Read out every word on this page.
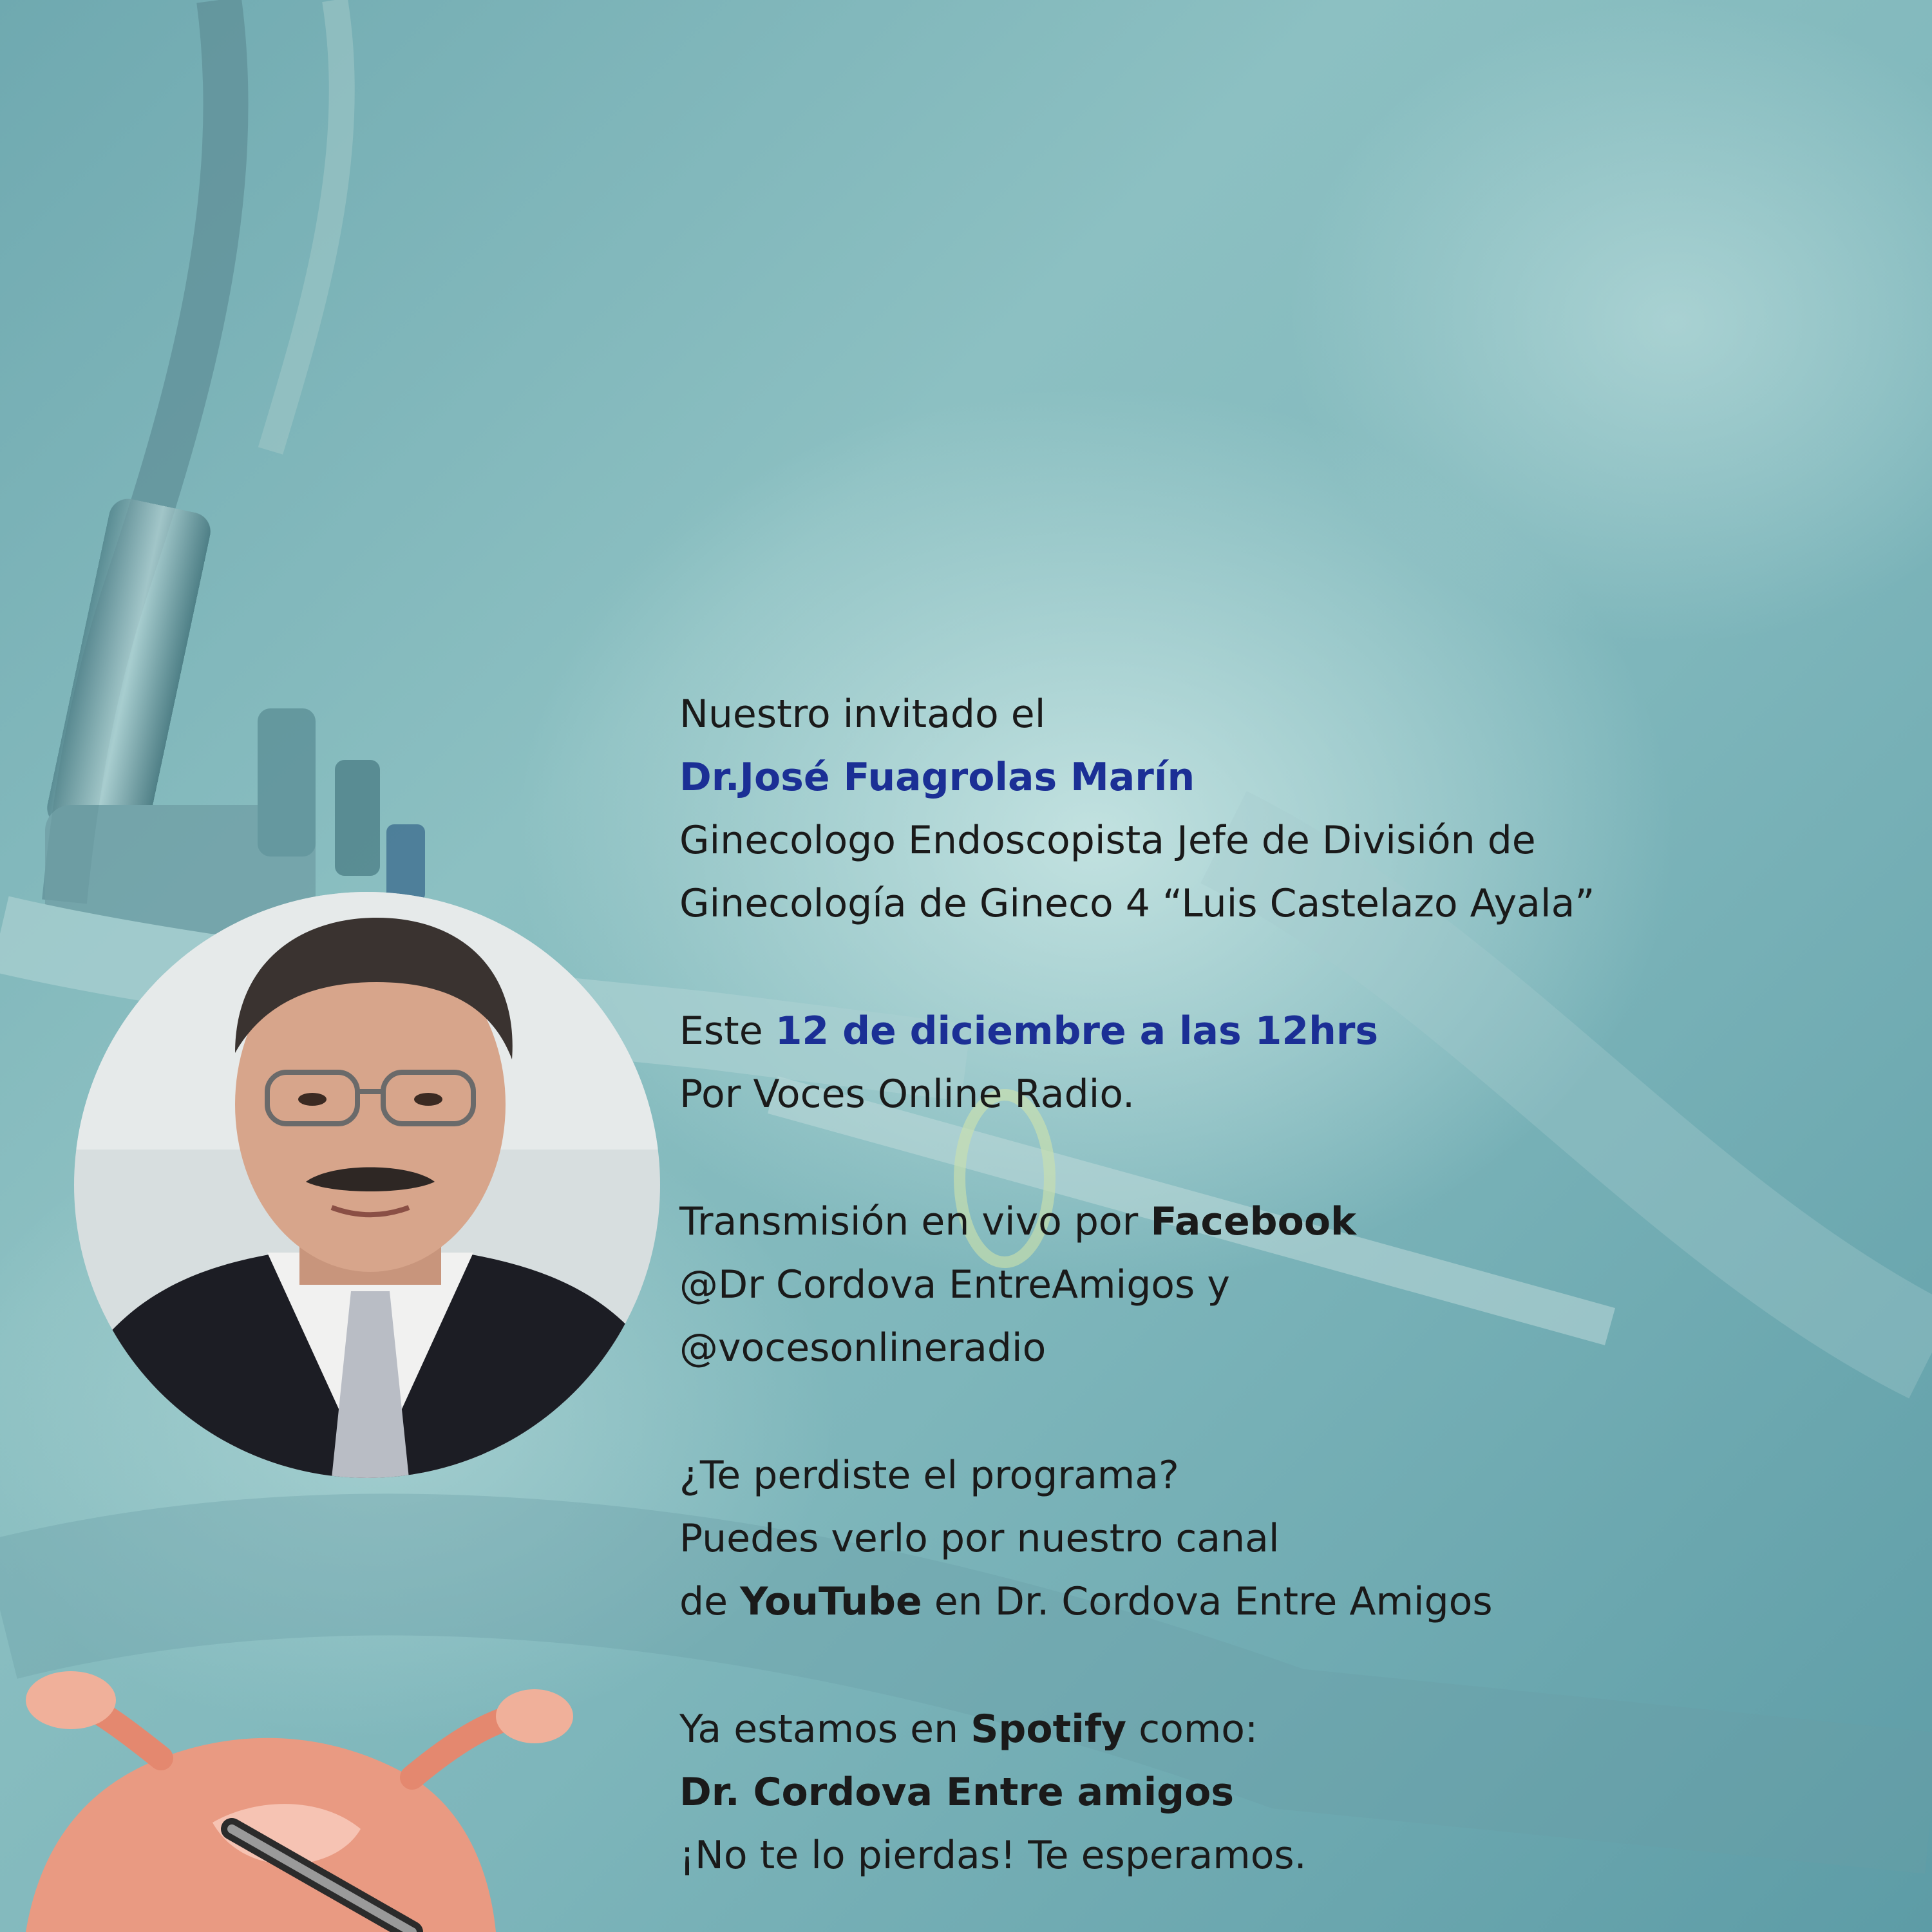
Nuestro invitado el
Dr.José Fuagrolas Marín
Ginecologo Endoscopista Jefe de División de
Ginecología de Gineco 4 “Luis Castelazo Ayala”
Este 12 de diciembre a las 12hrs
Por Voces Online Radio.
Transmisión en vivo por Facebook
@Dr Cordova EntreAmigos y
@vocesonlineradio
¿Te perdiste el programa?
Puedes verlo por nuestro canal
de YouTube en Dr. Cordova Entre Amigos
Ya estamos en Spotify como:
Dr. Cordova Entre amigos
¡No te lo pierdas! Te esperamos.
